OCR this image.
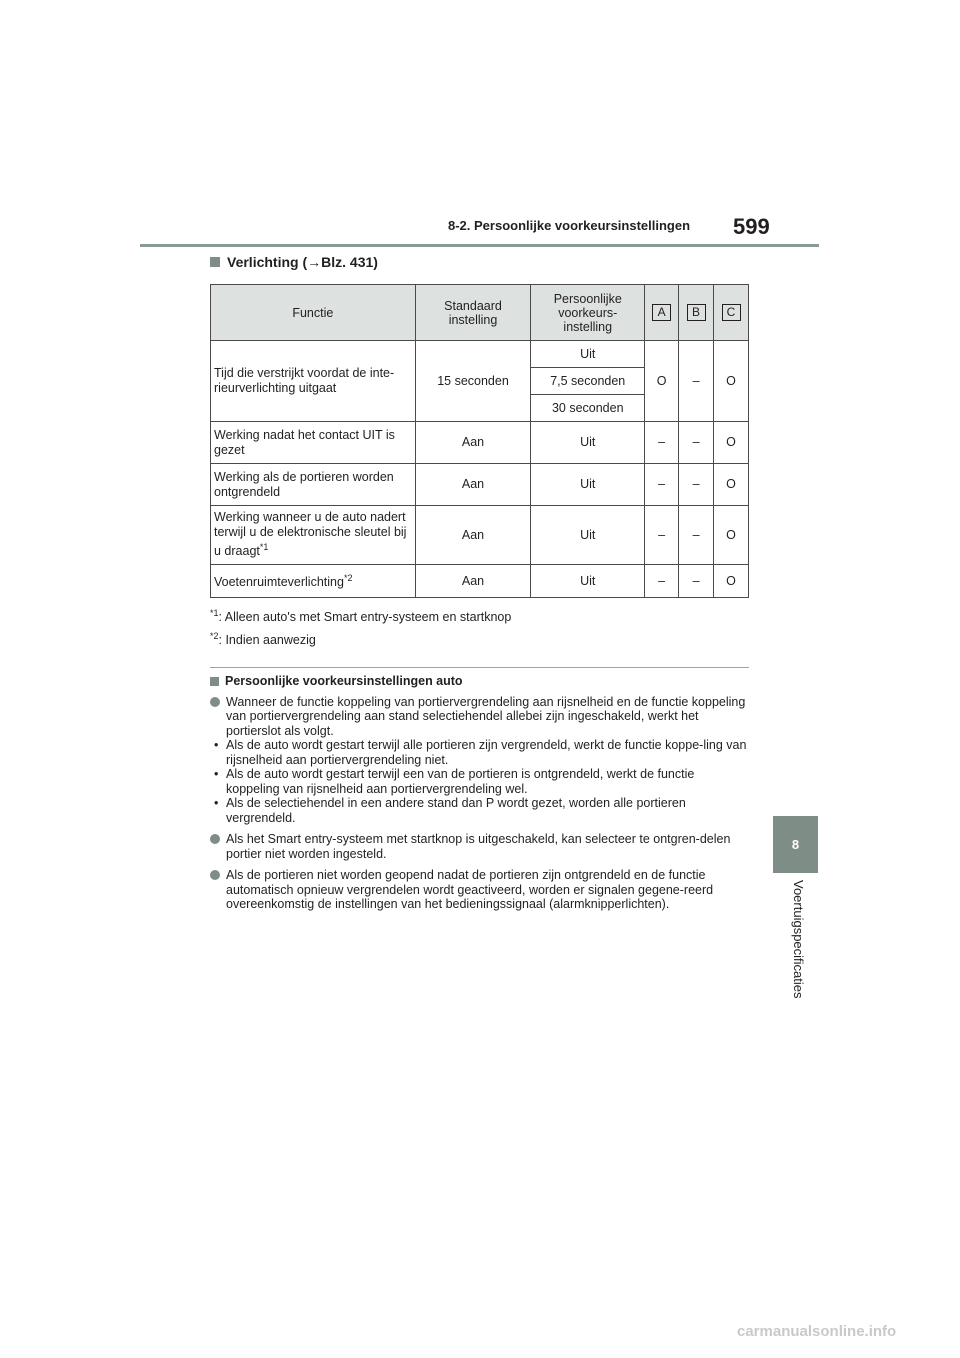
8-2. Persoonlijke voorkeursinstellingen 599
8
Voertuigspecificaties
Verlichting (→Blz. 431)
Functie	Standaard instelling	Persoonlijke voorkeurs-instelling	A	B	C
Tijd die verstrijkt voordat de inte-rieurverlichting uitgaat	15 seconden	Uit	O	–	O
		7,5 seconden			
		30 seconden			
Werking nadat het contact UIT is gezet	Aan	Uit	–	–	O
Werking als de portieren worden ontgrendeld	Aan	Uit	–	–	O
Werking wanneer u de auto nadert terwijl u de elektronische sleutel bij u draagt$^{*1}$	Aan	Uit	–	–	O
Voetenruimteverlichting$^{*2}$	Aan	Uit	–	–	O
$^{*1}$: Alleen auto's met Smart entry-systeem en startknop
$^{*2}$: Indien aanwezig
Persoonlijke voorkeursinstellingen auto
Wanneer de functie koppeling van portiervergrendeling aan rijsnelheid en de functie koppeling van portiervergrendeling aan stand selectiehendel allebei zijn ingeschakeld, werkt het portierslot als volgt.
• Als de auto wordt gestart terwijl alle portieren zijn vergrendeld, werkt de functie koppe-ling van rijsnelheid aan portiervergrendeling niet.
• Als de auto wordt gestart terwijl een van de portieren is ontgrendeld, werkt de functie koppeling van rijsnelheid aan portiervergrendeling wel.
• Als de selectiehendel in een andere stand dan P wordt gezet, worden alle portieren vergrendeld.
Als het Smart entry-systeem met startknop is uitgeschakeld, kan selecteer te ontgren-delen portier niet worden ingesteld.
Als de portieren niet worden geopend nadat de portieren zijn ontgrendeld en de functie automatisch opnieuw vergrendelen wordt geactiveerd, worden er signalen gegene-reerd overeenkomstig de instellingen van het bedieningssignaal (alarmknipperlichten).
carmanualsonline.info
